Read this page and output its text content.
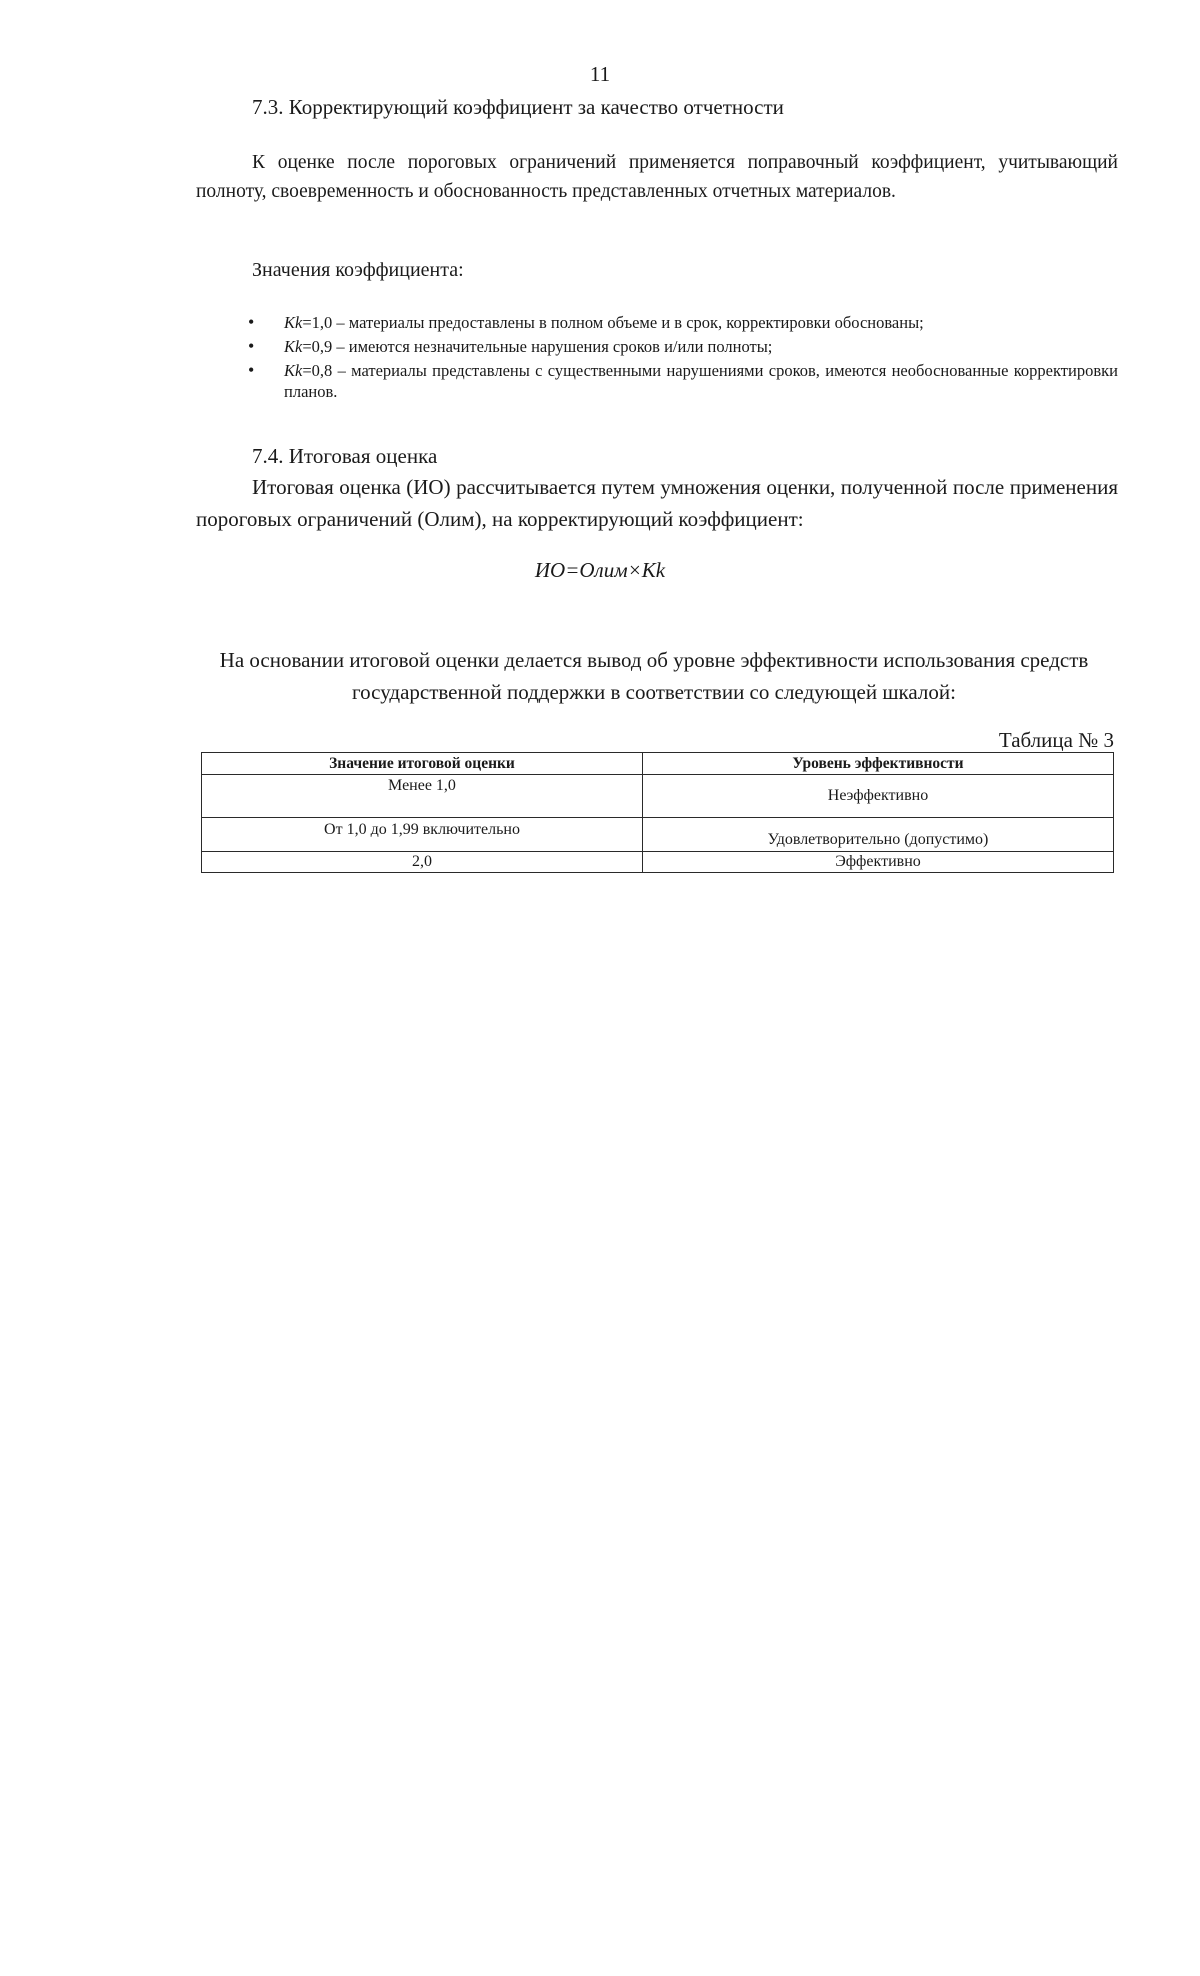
11
7.3. Корректирующий коэффициент за качество отчетности
К оценке после пороговых ограничений применяется поправочный коэффициент, учитывающий полноту, своевременность и обоснованность представленных отчетных материалов.
Значения коэффициента:
• Kk=1,0 – материалы предоставлены в полном объеме и в срок, корректировки обоснованы;
• Kk=0,9 – имеются незначительные нарушения сроков и/или полноты;
• Kk=0,8 – материалы представлены с существенными нарушениями сроков, имеются необоснованные корректировки планов.
7.4. Итоговая оценка
Итоговая оценка (ИО) рассчитывается путем умножения оценки, полученной после применения пороговых ограничений (Олим), на корректирующий коэффициент:
ИО=Олим×Kk
На основании итоговой оценки делается вывод об уровне эффективности использования средств государственной поддержки в соответствии со следующей шкалой:
Таблица № 3
Значение итоговой оценки	Уровень эффективности
Менее 1,0	Неэффективно
От 1,0 до 1,99 включительно	Удовлетворительно (допустимо)
2,0	Эффективно
